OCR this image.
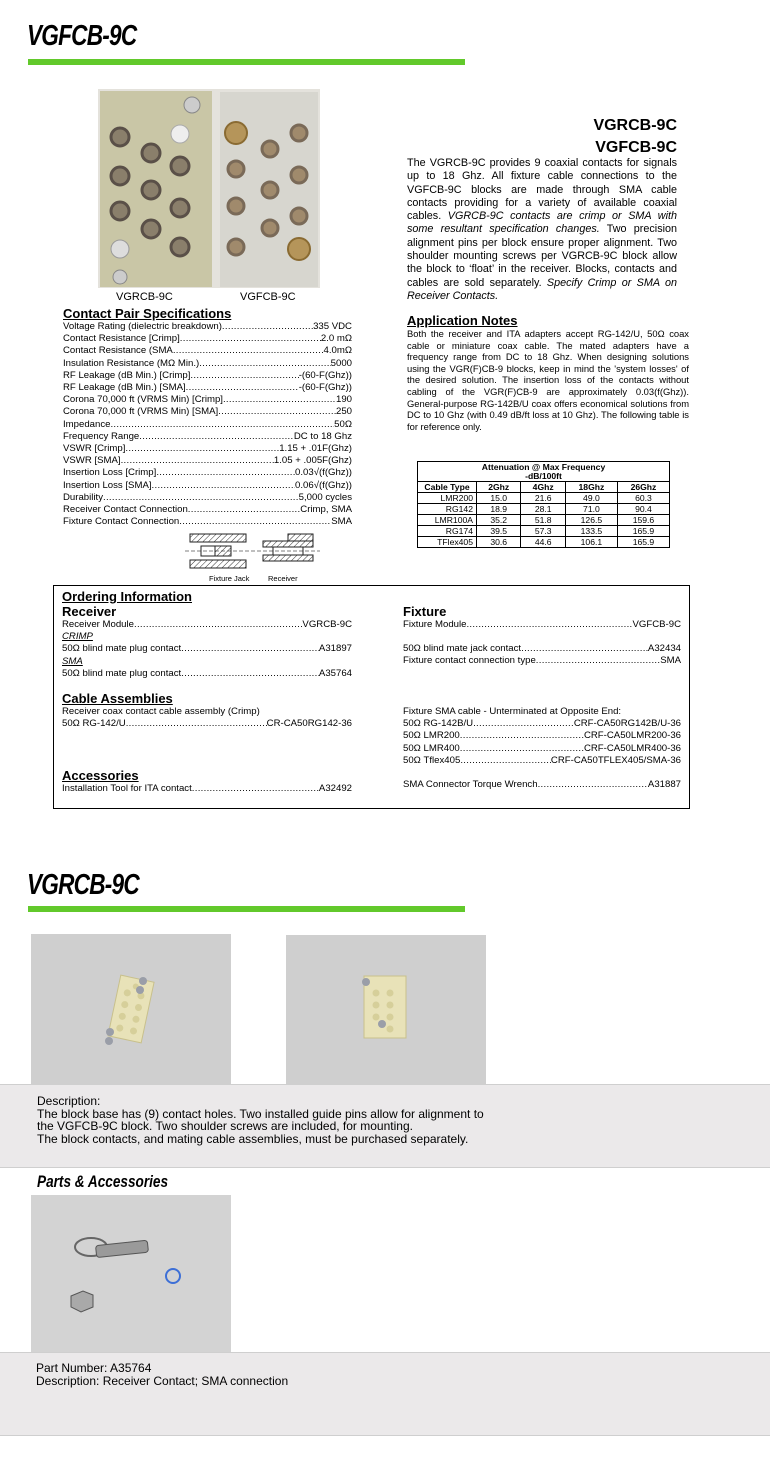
VGFCB-9C
VGRCB-9C	VGFCB-9C
VGRCB-9C
VGFCB-9C
The VGRCB-9C provides 9 coaxial contacts for signals up to 18 Ghz. All fixture cable connections to the VGFCB-9C blocks are made through SMA cable contacts providing for a variety of available coaxial cables. VGRCB-9C contacts are crimp or SMA with some resultant specification changes. Two precision alignment pins per block ensure proper alignment. Two shoulder mounting screws per VGRCB-9C block allow the block to ‘float’ in the receiver. Blocks, contacts and cables are sold separately. Specify Crimp or SMA on Receiver Contacts.
Contact Pair Specifications
Voltage Rating (dielectric breakdown) .....	335 VDC
Contact Resistance [Crimp] .....	2.0 mΩ
Contact Resistance (SMA .....	4.0mΩ
Insulation Resistance (MΩ Min.) .....	5000
RF Leakage (dB Min.) [Crimp] .....	-(60-F(Ghz))
RF Leakage (dB Min.) [SMA] .....	-(60-F(Ghz))
Corona 70,000 ft (VRMS Min) [Crimp] .....	190
Corona 70,000 ft (VRMS Min) [SMA] .....	250
Impedance .....	50Ω
Frequency Range .....	DC to 18 Ghz
VSWR [Crimp] .....	1.15 + .01F(Ghz)
VSWR [SMA] .....	1.05 + .005F(Ghz)
Insertion Loss [Crimp] .....	0.03√(f(Ghz))
Insertion Loss [SMA] .....	0.06√(f(Ghz))
Durability .....	5,000 cycles
Receiver Contact Connection .....	Crimp, SMA
Fixture Contact Connection .....	SMA
Fixture Jack Receiver
Application Notes
Both the receiver and ITA adapters accept RG-142/U, 50Ω coax cable or miniature coax cable. The mated adapters have a frequency range from DC to 18 Ghz. When designing solutions using the VGR(F)CB-9 blocks, keep in mind the 'system losses' of the desired solution. The insertion loss of the contacts without cabling of the VGR(F)CB-9 are approximately 0.03(f(Ghz)). General-purpose RG-142B/U coax offers economical solutions from DC to 10 Ghz (with 0.49 dB/ft loss at 10 Ghz). The following table is for reference only.
Attenuation @ Max Frequency
-dB/100ft				

Cable Type	2Ghz	4Ghz	18Ghz	26Ghz
LMR200	15.0	21.6	49.0	60.3
RG142	18.9	28.1	71.0	90.4
LMR100A	35.2	51.8	126.5	159.6
RG174	39.5	57.3	133.5	165.9
TFlex405	30.6	44.6	106.1	165.9
Ordering Information
Receiver
Receiver Module .....	VGRCB-9C
CRIMP
50Ω blind mate plug contact .....	A31897
SMA
50Ω blind mate plug contact .....	A35764
Cable Assemblies
Receiver coax contact cable assembly (Crimp)
50Ω RG-142/U .....	CR-CA50RG142-36
Accessories
Installation Tool for ITA contact .....	A32492
Fixture
Fixture Module .....	VGFCB-9C
50Ω blind mate jack contact .....	A32434
Fixture contact connection type .....	SMA
Fixture SMA cable - Unterminated at Opposite End:
50Ω RG-142B/U .....	CRF-CA50RG142B/U-36
50Ω LMR200 .....	CRF-CA50LMR200-36
50Ω LMR400 .....	CRF-CA50LMR400-36
50Ω Tflex405 .....	CRF-CA50TFLEX405/SMA-36
SMA Connector Torque Wrench .....	A31887
VGRCB-9C
Description:
The block base has (9) contact holes. Two installed guide pins allow for alignment to
the VGFCB-9C block. Two shoulder screws are included, for mounting.
The block contacts, and mating cable assemblies, must be purchased separately.
Parts & Accessories
Part Number: A35764
Description: Receiver Contact; SMA connection
